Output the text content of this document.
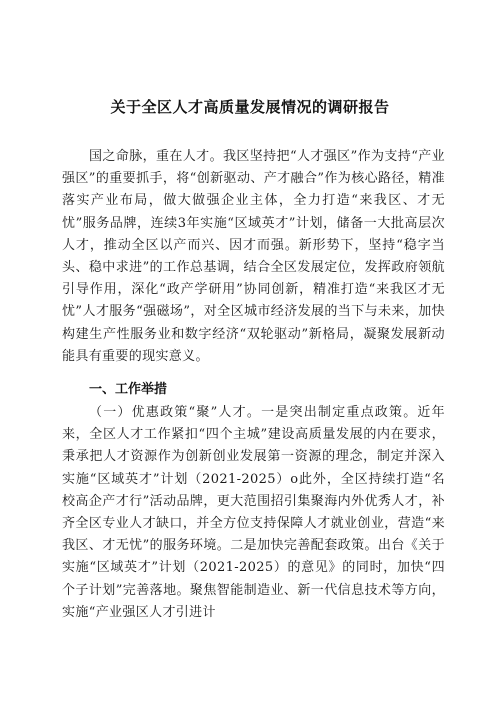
关于全区人才高质量发展情况的调研报告

国之命脉，重在人才。我区坚持把“人才强区”作为支持“产业强区”的重要抓手，将“创新驱动、产才融合”作为核心路径，精准落实产业布局，做大做强企业主体，全力打造“来我区、才无忧”服务品牌，连续3年实施“区域英才”计划，储备一大批高层次人才，推动全区以产而兴、因才而强。新形势下，坚持“稳字当头、稳中求进”的工作总基调，结合全区发展定位，发挥政府领航引导作用，深化“政产学研用”协同创新，精准打造“来我区才无忧”人才服务“强磁场”，对全区城市经济发展的当下与未来，加快构建生产性服务业和数字经济“双轮驱动”新格局，凝聚发展新动能具有重要的现实意义。

一、工作举措

（一）优惠政策“聚”人才。一是突出制定重点政策。近年来，全区人才工作紧扣“四个主城”建设高质量发展的内在要求，秉承把人才资源作为创新创业发展第一资源的理念，制定并深入实施“区域英才”计划（2021-2025）o此外，全区持续打造“名校高企产才行”活动品牌，更大范围招引集聚海内外优秀人才，补齐全区专业人才缺口，并全方位支持保障人才就业创业，营造“来我区、才无忧”的服务环境。二是加快完善配套政策。出台《关于实施“区域英才”计划（2021-2025）的意见》的同时，加快“四个子计划”完善落地。聚焦智能制造业、新一代信息技术等方向，实施“产业强区人才引进计
